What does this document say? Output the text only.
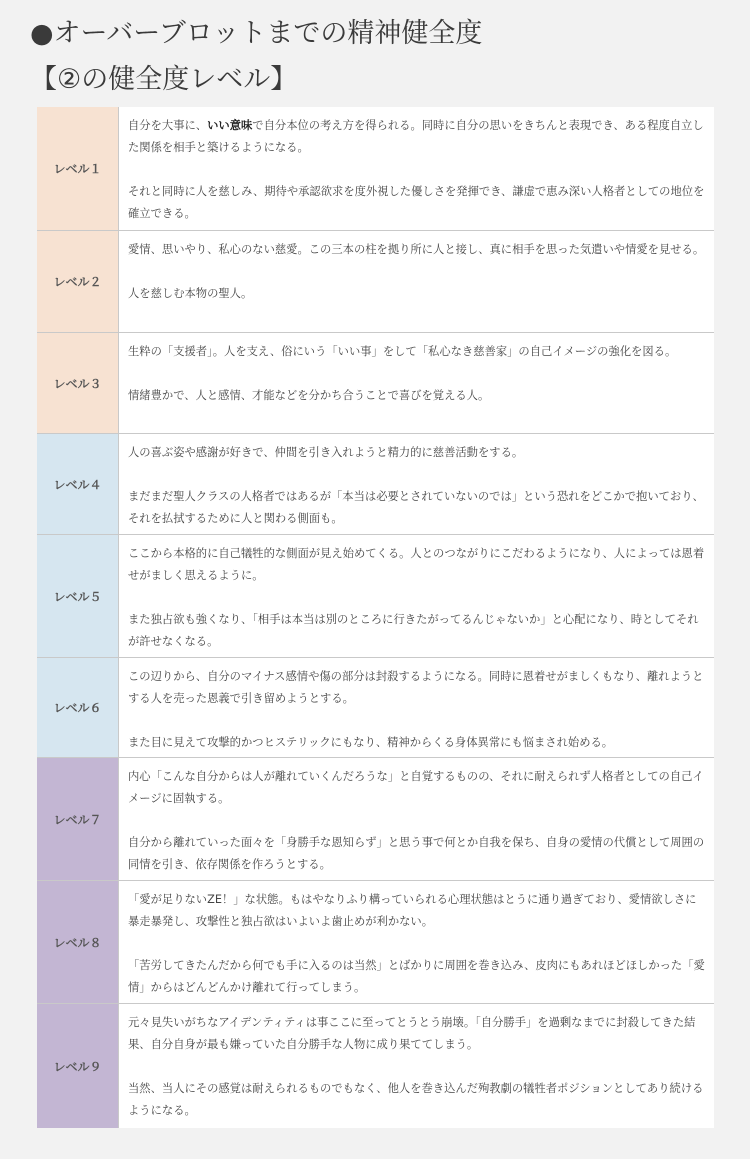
●オーバーブロットまでの精神健全度
【②の健全度レベル】
レベル１

自分を大事に、いい意味で自分本位の考え方を得られる。同時に自分の思いをきちんと表現でき、ある程度自立した関係を相手と築けるようになる。

それと同時に人を慈しみ、期待や承認欲求を度外視した優しさを発揮でき、謙虚で恵み深い人格者としての地位を確立できる。

レベル２

愛情、思いやり、私心のない慈愛。この三本の柱を拠り所に人と接し、真に相手を思った気遣いや情愛を見せる。

人を慈しむ本物の聖人。

レベル３

生粋の「支援者」。人を支え、俗にいう「いい事」をして「私心なき慈善家」の自己イメージの強化を図る。

情緒豊かで、人と感情、才能などを分かち合うことで喜びを覚える人。

レベル４

人の喜ぶ姿や感謝が好きで、仲間を引き入れようと精力的に慈善活動をする。

まだまだ聖人クラスの人格者ではあるが「本当は必要とされていないのでは」という恐れをどこかで抱いており、それを払拭するために人と関わる側面も。

レベル５

ここから本格的に自己犠牲的な側面が見え始めてくる。人とのつながりにこだわるようになり、人によっては恩着せがましく思えるように。

また独占欲も強くなり、「相手は本当は別のところに行きたがってるんじゃないか」と心配になり、時としてそれが許せなくなる。

レベル６

この辺りから、自分のマイナス感情や傷の部分は封殺するようになる。同時に恩着せがましくもなり、離れようとする人を売った恩義で引き留めようとする。

また目に見えて攻撃的かつヒステリックにもなり、精神からくる身体異常にも悩まされ始める。

レベル７

内心「こんな自分からは人が離れていくんだろうな」と自覚するものの、それに耐えられず人格者としての自己イメージに固執する。

自分から離れていった面々を「身勝手な恩知らず」と思う事で何とか自我を保ち、自身の愛情の代償として周囲の同情を引き、依存関係を作ろうとする。

レベル８

「愛が足りないZE！」な状態。もはやなりふり構っていられる心理状態はとうに通り過ぎており、愛情欲しさに暴走暴発し、攻撃性と独占欲はいよいよ歯止めが利かない。

「苦労してきたんだから何でも手に入るのは当然」とばかりに周囲を巻き込み、皮肉にもあれほどほしかった「愛情」からはどんどんかけ離れて行ってしまう。

レベル９

元々見失いがちなアイデンティティは事ここに至ってとうとう崩壊。「自分勝手」を過剰なまでに封殺してきた結果、自分自身が最も嫌っていた自分勝手な人物に成り果ててしまう。

当然、当人にその感覚は耐えられるものでもなく、他人を巻き込んだ殉教劇の犠牲者ポジションとしてあり続けるようになる。
